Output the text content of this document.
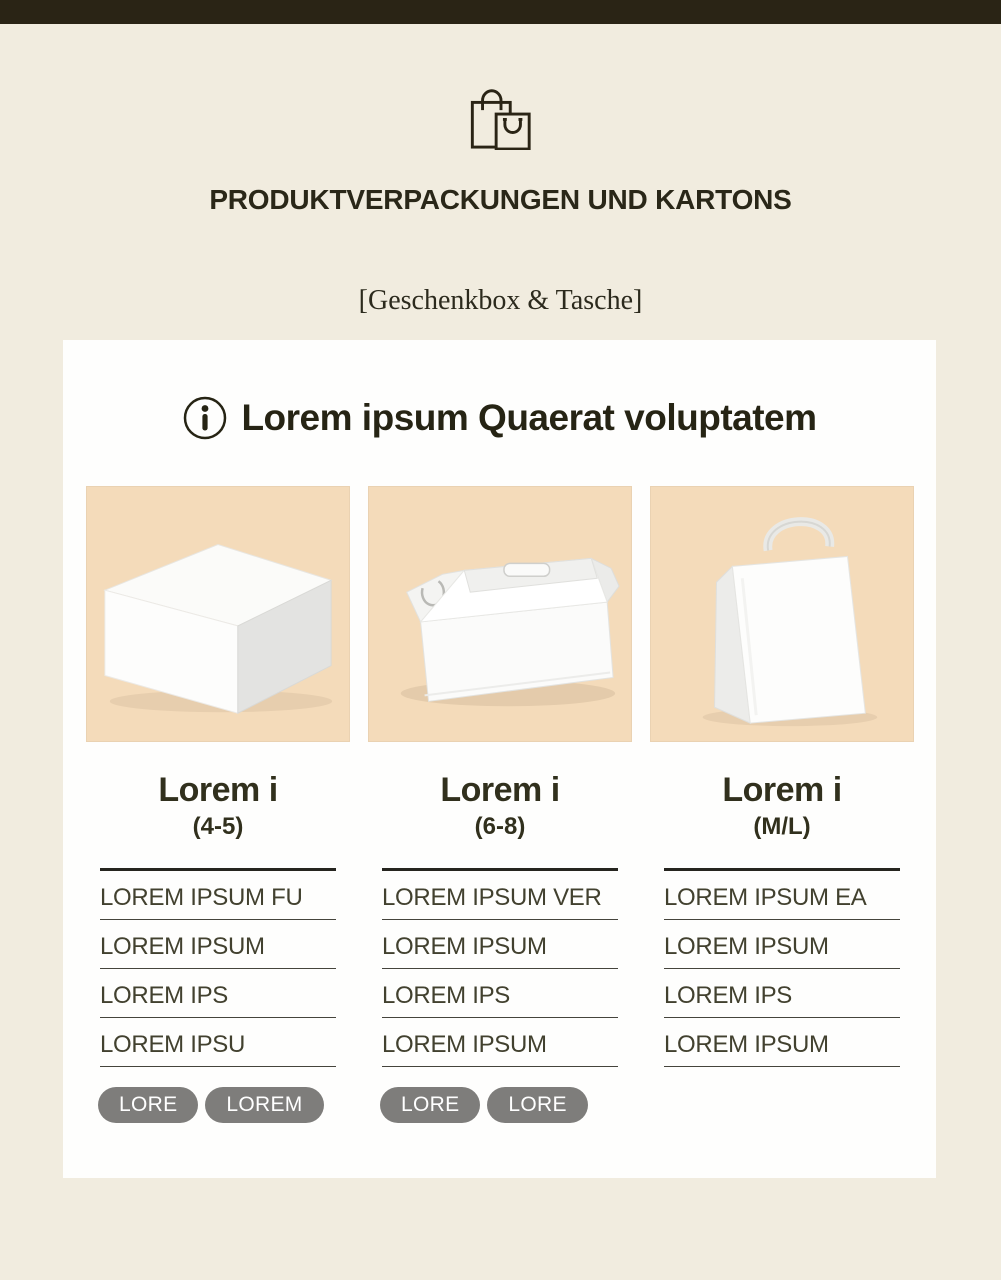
PRODUKTVERPACKUNGEN UND KARTONS
[Geschenkbox & Tasche]
Lorem ipsum Quaerat voluptatem
Lorem i
(4-5)
LOREM IPSUM FU
LOREM IPSUM
LOREM IPS
LOREM IPSU
LORE	LOREM
Lorem i
(6-8)
LOREM IPSUM VER
LOREM IPSUM
LOREM IPS
LOREM IPSUM
LORE	LORE
Lorem i
(M/L)
LOREM IPSUM EA
LOREM IPSUM
LOREM IPS
LOREM IPSUM
